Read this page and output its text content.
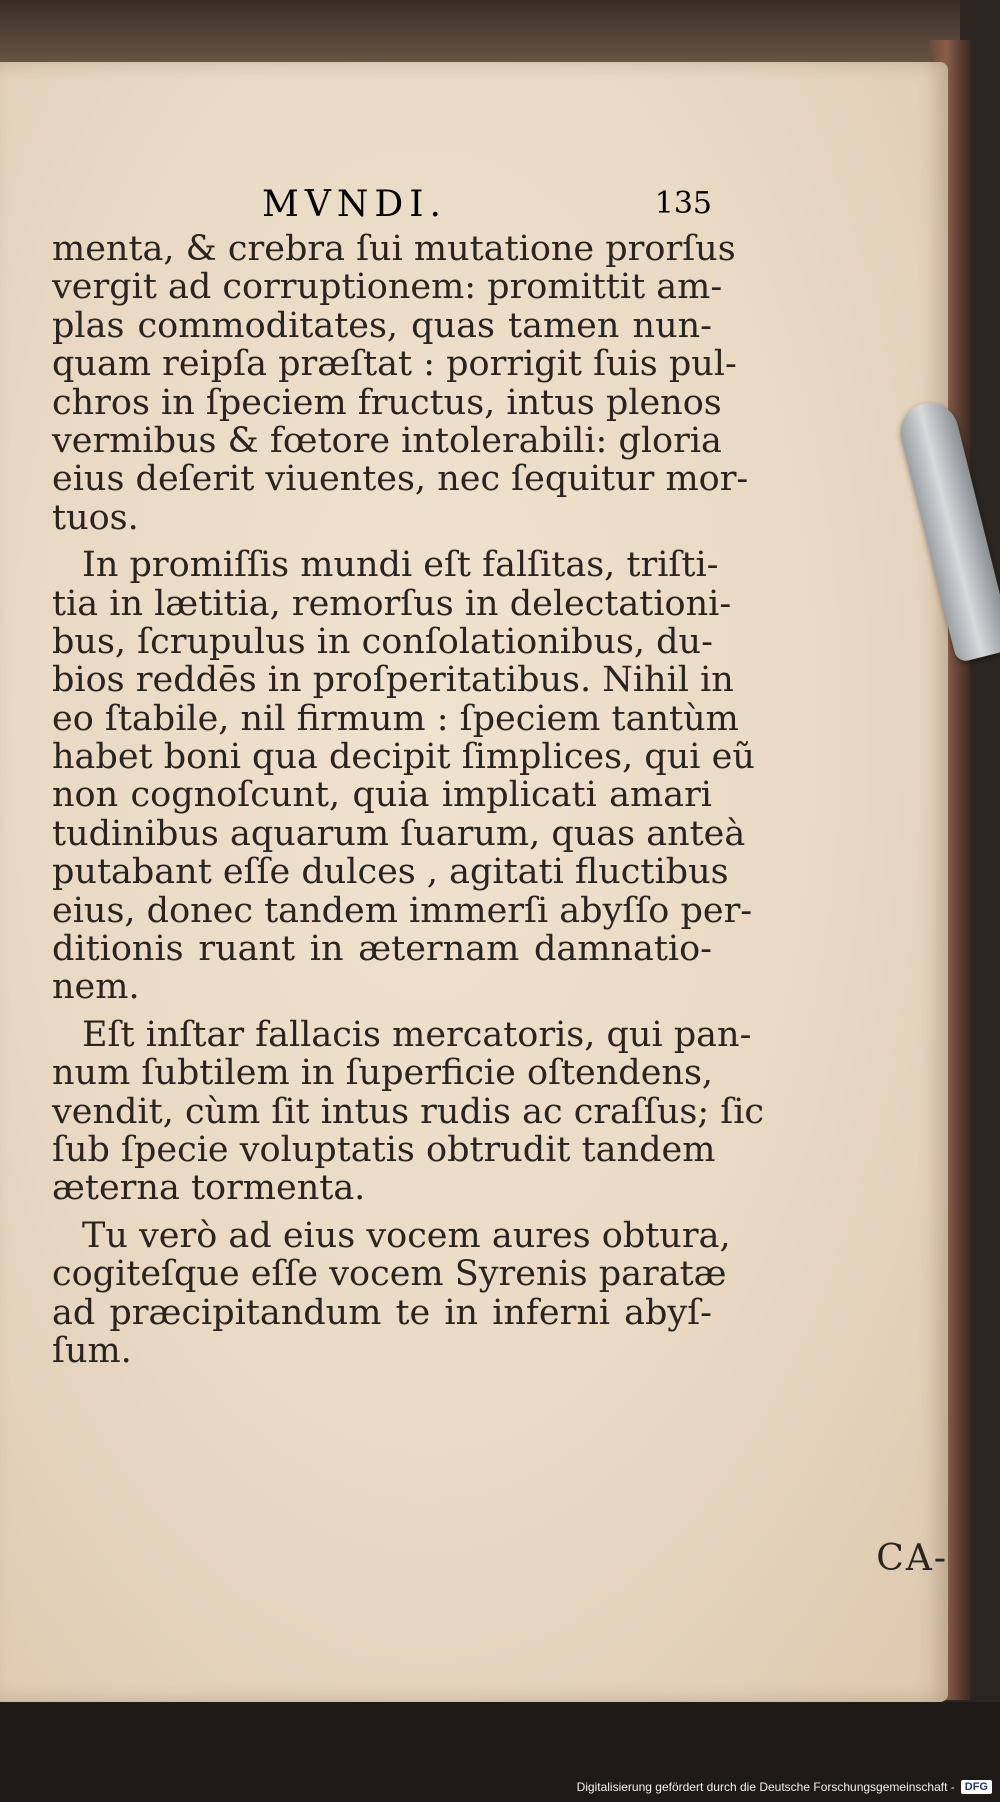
MVNDI.	135
menta, & crebra ſui mutatione prorſus
vergit ad corruptionem: promittit am-
plas commoditates, quas tamen nun-
quam reipſa præſtat : porrigit ſuis pul-
chros in ſpeciem fructus, intus plenos
vermibus & fœtore intolerabili: gloria
eius deſerit viuentes, nec ſequitur mor-
tuos.
In promiſſis mundi eſt falſitas, triſti-
tia in lætitia, remorſus in delectationi-
bus, ſcrupulus in conſolationibus, du-
bios reddēs in proſperitatibus. Nihil in
eo ſtabile, nil firmum : ſpeciem tantùm
habet boni qua decipit ſimplices, qui eũ
non cognoſcunt, quia implicati amari
tudinibus aquarum ſuarum, quas anteà
putabant eſſe dulces , agitati fluctibus
eius, donec tandem immerſi abyſſo per-
ditionis ruant in æternam damnatio-
nem.
Eſt inſtar fallacis mercatoris, qui pan-
num ſubtilem in ſuperficie oſtendens,
vendit, cùm ſit intus rudis ac craſſus; ſic
ſub ſpecie voluptatis obtrudit tandem
æterna tormenta.
Tu verò ad eius vocem aures obtura,
cogiteſque eſſe vocem Syrenis paratæ
ad præcipitandum te in inferni abyſ-
ſum.
CA-
Digitalisierung gefördert durch die Deutsche Forschungsgemeinschaft - DFG
